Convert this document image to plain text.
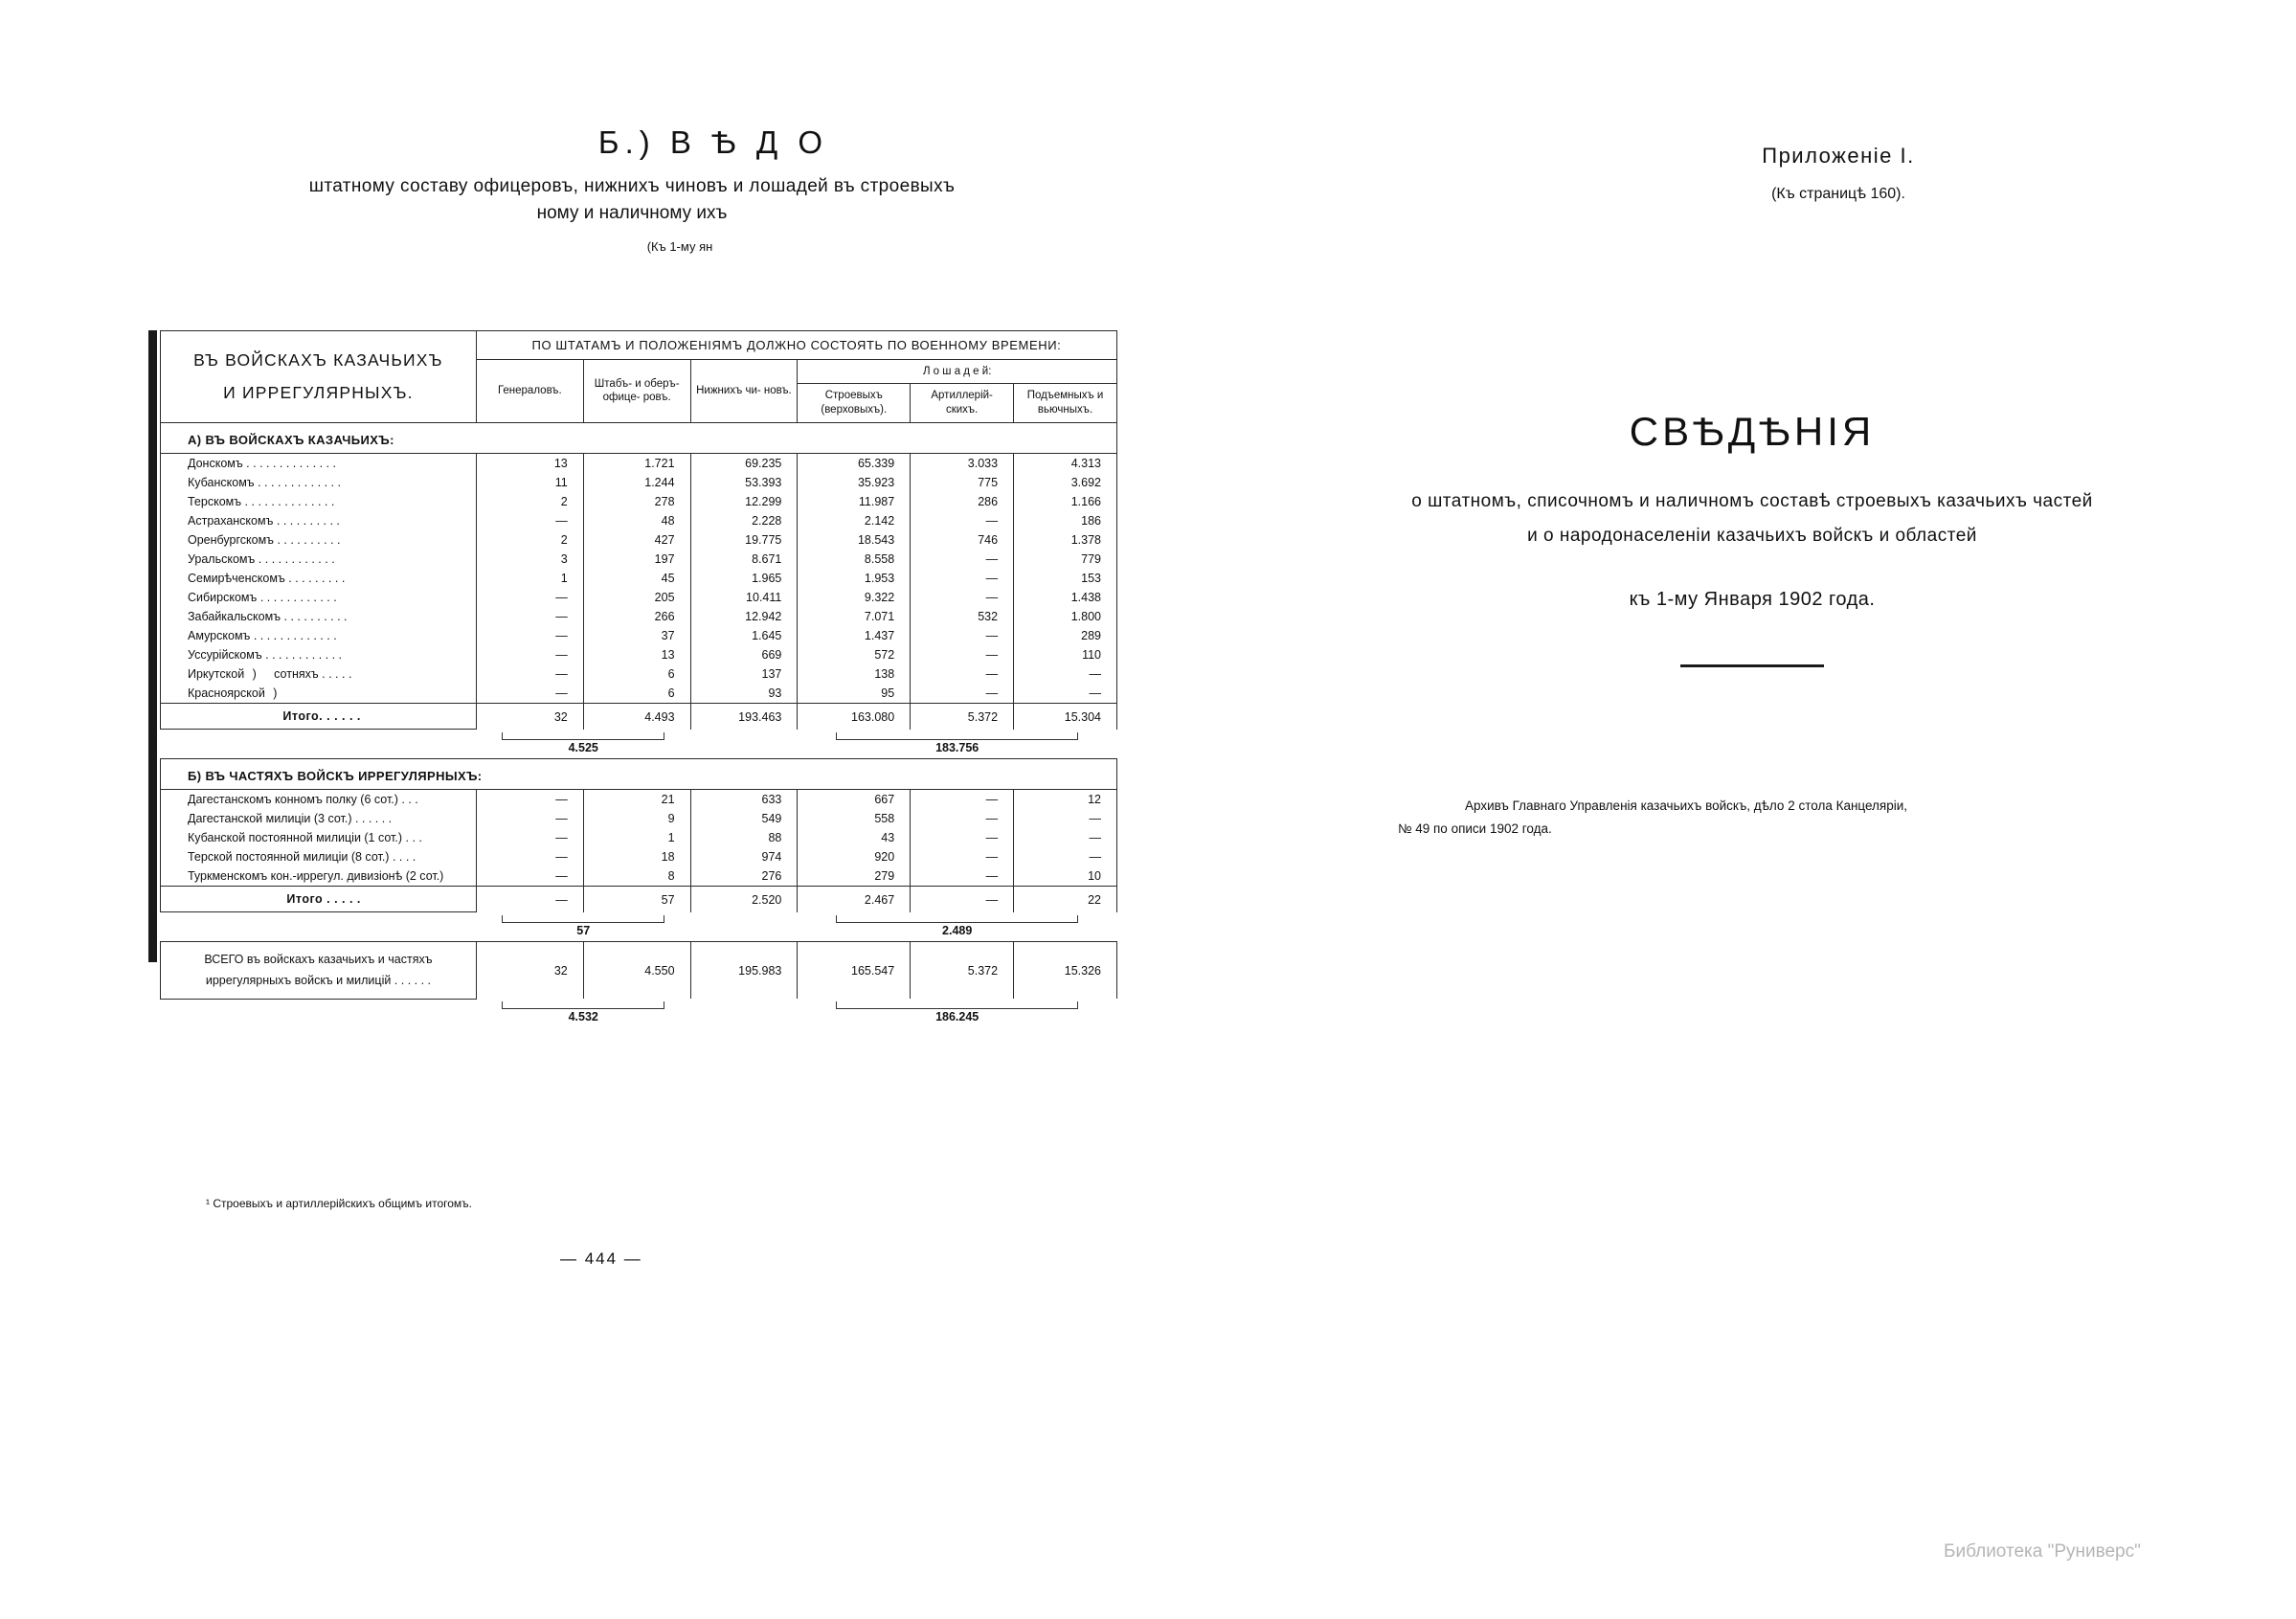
Б.) В Ѣ Д О
штатному составу офицеровъ, нижнихъ чиновъ и лошадей въ строевыхъ
ному и наличному ихъ
(Къ 1-му ян
ВЪ ВОЙСКАХЪ КАЗАЧЬИХЪ
И ИРРЕГУЛЯРНЫХЪ.	ПО ШТАТАМЪ И ПОЛОЖЕНІЯМЪ ДОЛЖНО СОСТОЯТЬ ПО ВОЕННОМУ ВРЕМЕНИ:					
	Генераловъ.	Штабъ- и оберъ- офице- ровъ.	Нижнихъ чи- новъ.	Л о ш а д е й:		
				Строевыхъ (верховыхъ).	Артиллерій- скихъ.	Подъемныхъ и вьючныхъ.
А) ВЪ ВОЙСКАХЪ КАЗАЧЬИХЪ:						
Донскомъ . . . . . . . . . . . . . .	13	1.721	69.235	65.339	3.033	4.313
Кубанскомъ . . . . . . . . . . . . .	11	1.244	53.393	35.923	775	3.692
Терскомъ . . . . . . . . . . . . . .	2	278	12.299	11.987	286	1.166
Астраханскомъ . . . . . . . . . .	—	48	2.228	2.142	—	186
Оренбургскомъ . . . . . . . . . .	2	427	19.775	18.543	746	1.378
Уральскомъ . . . . . . . . . . . .	3	197	8.671	8.558	—	779
Семирѣченскомъ . . . . . . . . .	1	45	1.965	1.953	—	153
Сибирскомъ . . . . . . . . . . . .	—	205	10.411	9.322	—	1.438
Забайкальскомъ . . . . . . . . . .	—	266	12.942	7.071	532	1.800
Амурскомъ . . . . . . . . . . . . .	—	37	1.645	1.437	—	289
Уссурійскомъ . . . . . . . . . . . .	—	13	669	572	—	110
Иркутской ) сотняхъ . . . . .	—	6	137	138	—	—
Красноярской )	—	6	93	95	—	—
Итого. . . . . .	32	4.493	193.463	163.080	5.372	15.304

	4.525			183.756		

Б) ВЪ ЧАСТЯХЪ ВОЙСКЪ ИРРЕГУЛЯРНЫХЪ:						
Дагестанскомъ конномъ полку (6 сот.) . . .	—	21	633	667	—	12
Дагестанской милиціи (3 сот.) . . . . . .	—	9	549	558	—	—
Кубанской постоянной милиціи (1 сот.) . . .	—	1	88	43	—	—
Терской постоянной милиціи (8 сот.) . . . .	—	18	974	920	—	—
Туркменскомъ кон.-иррегул. дивизіонѣ (2 сот.)	—	8	276	279	—	10
Итого . . . . .	—	57	2.520	2.467	—	22

	57			2.489		

ВСЕГО въ войскахъ казачьихъ и частяхъ
иррегулярныхъ войскъ и милицій . . . . . .	32	4.550	195.983	165.547	5.372	15.326

	4.532			186.245		
¹ Строевыхъ и артиллерійскихъ общимъ итогомъ.
— 444 —
Приложеніе I.
(Къ страницѣ 160).
СВѢДѢНІЯ
о штатномъ, списочномъ и наличномъ составѣ строевыхъ казачьихъ частей
и о народонаселеніи казачьихъ войскъ и областей
къ 1-му Января 1902 года.
Архивъ Главнаго Управленія казачьихъ войскъ, дѣло 2 стола Канцеляріи,
№ 49 по описи 1902 года.
Библиотека "Руниверс"
